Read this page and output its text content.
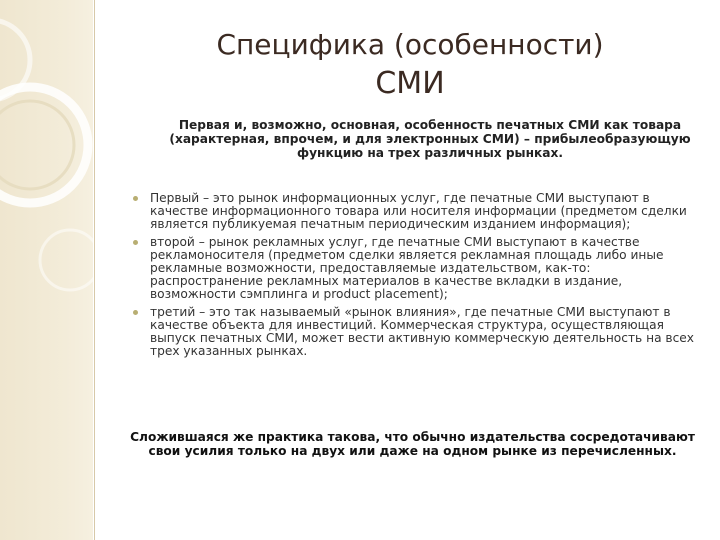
Специфика (особенности)
СМИ

Первая и, возможно, основная, особенность печатных СМИ как товара (характерная, впрочем, и для электронных СМИ) – прибылеобразующую функцию на трех различных рынках.

Первый – это рынок информационных услуг, где печатные СМИ выступают в качестве информационного товара или носителя информации (предметом сделки является публикуемая печатным периодическим изданием информация);
второй – рынок рекламных услуг, где печатные СМИ выступают в качестве рекламоносителя (предметом сделки является рекламная площадь либо иные рекламные возможности, предоставляемые издательством, как-то: распространение рекламных материалов в качестве вкладки в издание, возможности сэмплинга и product placement);
третий – это так называемый «рынок влияния», где печатные СМИ выступают в качестве объекта для инвестиций. Коммерческая структура, осуществляющая выпуск печатных СМИ, может вести активную коммерческую деятельность на всех трех указанных рынках.

Сложившаяся же практика такова, что обычно издательства сосредотачивают свои усилия только на двух или даже на одном рынке из перечисленных.
